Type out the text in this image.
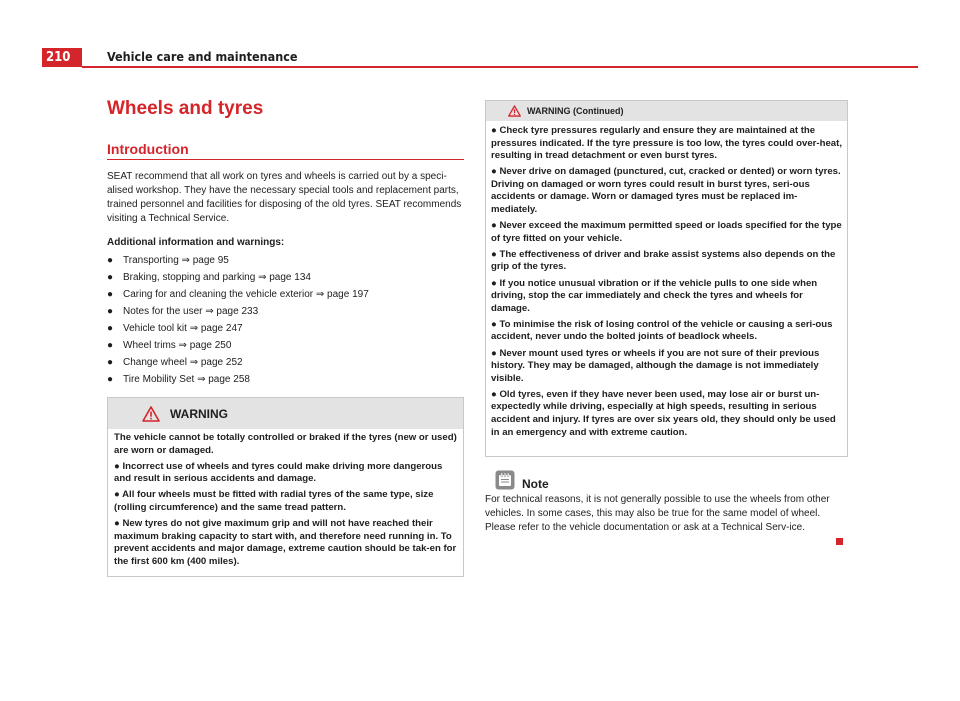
210	Vehicle care and maintenance
Wheels and tyres
Introduction

SEAT recommend that all work on tyres and wheels is carried out by a speci-alised workshop. They have the necessary special tools and replacement parts, trained personnel and facilities for disposing of the old tyres. SEAT recommends visiting a Technical Service.

Additional information and warnings:

● Transporting ⇒ page 95
● Braking, stopping and parking ⇒ page 134
● Caring for and cleaning the vehicle exterior ⇒ page 197
● Notes for the user ⇒ page 233
● Vehicle tool kit ⇒ page 247
● Wheel trims ⇒ page 250
● Change wheel ⇒ page 252
● Tire Mobility Set ⇒ page 258
WARNING

The vehicle cannot be totally controlled or braked if the tyres (new or used) are worn or damaged.

● Incorrect use of wheels and tyres could make driving more dangerous and result in serious accidents and damage.

● All four wheels must be fitted with radial tyres of the same type, size (rolling circumference) and the same tread pattern.

● New tyres do not give maximum grip and will not have reached their maximum braking capacity to start with, and therefore need running in. To prevent accidents and major damage, extreme caution should be tak-en for the first 600 km (400 miles).

WARNING (Continued)

● Check tyre pressures regularly and ensure they are maintained at the pressures indicated. If the tyre pressure is too low, the tyres could over-heat, resulting in tread detachment or even burst tyres.

● Never drive on damaged (punctured, cut, cracked or dented) or worn tyres. Driving on damaged or worn tyres could result in burst tyres, seri-ous accidents or damage. Worn or damaged tyres must be replaced im-mediately.

● Never exceed the maximum permitted speed or loads specified for the type of tyre fitted on your vehicle.

● The effectiveness of driver and brake assist systems also depends on the grip of the tyres.

● If you notice unusual vibration or if the vehicle pulls to one side when driving, stop the car immediately and check the tyres and wheels for damage.

● To minimise the risk of losing control of the vehicle or causing a seri-ous accident, never undo the bolted joints of beadlock wheels.

● Never mount used tyres or wheels if you are not sure of their previous history. They may be damaged, although the damage is not immediately visible.

● Old tyres, even if they have never been used, may lose air or burst un-expectedly while driving, especially at high speeds, resulting in serious accident and injury. If tyres are over six years old, they should only be used in an emergency and with extreme caution.

Note

For technical reasons, it is not generally possible to use the wheels from other vehicles. In some cases, this may also be true for the same model of wheel. Please refer to the vehicle documentation or ask at a Technical Serv-ice.
